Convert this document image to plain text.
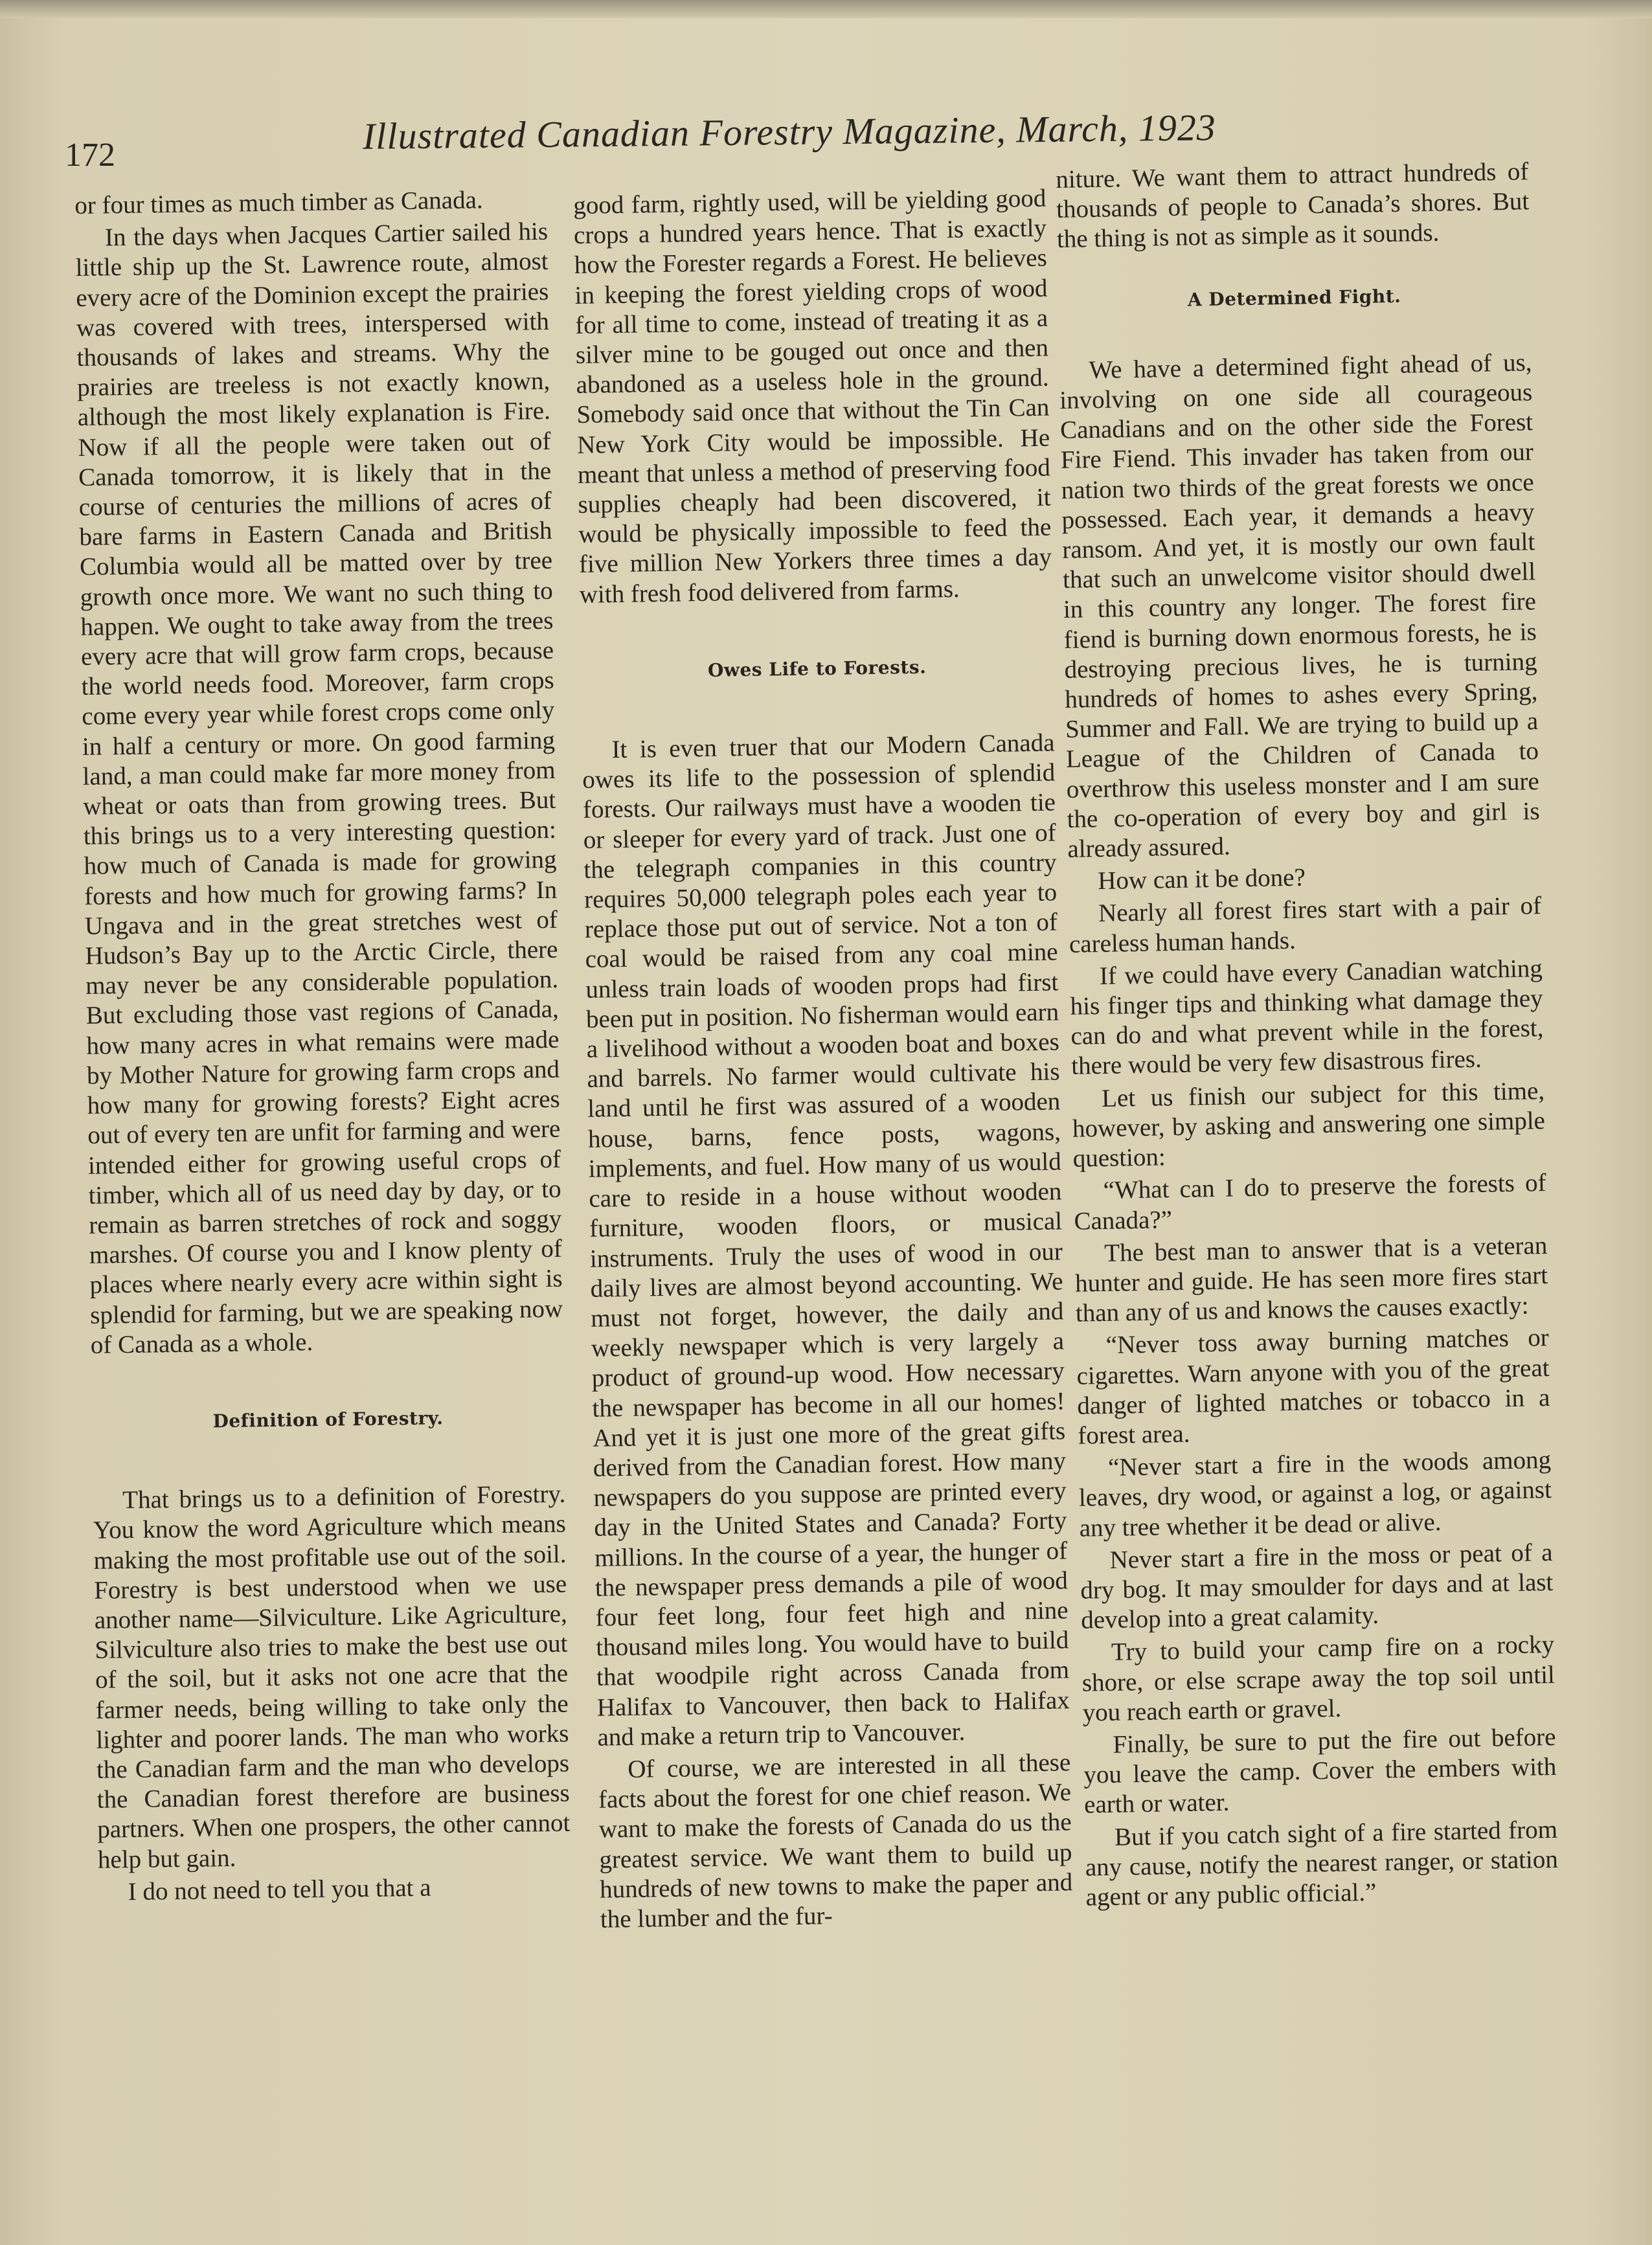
172	Illustrated Canadian Forestry Magazine, March, 1923

or four times as much timber as Canada.

In the days when Jacques Cartier sailed his little ship up the St. Lawrence route, almost every acre of the Dominion except the prairies was covered with trees, interspersed with thousands of lakes and streams. Why the prairies are treeless is not exactly known, although the most likely explanation is Fire. Now if all the people were taken out of Canada tomorrow, it is likely that in the course of centuries the millions of acres of bare farms in Eastern Canada and British Columbia would all be matted over by tree growth once more. We want no such thing to happen. We ought to take away from the trees every acre that will grow farm crops, because the world needs food. Moreover, farm crops come every year while forest crops come only in half a century or more. On good farming land, a man could make far more money from wheat or oats than from growing trees. But this brings us to a very interesting question: how much of Canada is made for growing forests and how much for growing farms? In Ungava and in the great stretches west of Hudson’s Bay up to the Arctic Circle, there may never be any considerable population. But excluding those vast regions of Canada, how many acres in what remains were made by Mother Nature for growing farm crops and how many for growing forests? Eight acres out of every ten are unfit for farming and were intended either for growing useful crops of timber, which all of us need day by day, or to remain as barren stretches of rock and soggy marshes. Of course you and I know plenty of places where nearly every acre within sight is splendid for farming, but we are speaking now of Canada as a whole.

Definition of Forestry.

That brings us to a definition of Forestry. You know the word Agriculture which means making the most profitable use out of the soil. Forestry is best understood when we use another name—Silviculture. Like Agriculture, Silviculture also tries to make the best use out of the soil, but it asks not one acre that the farmer needs, being willing to take only the lighter and poorer lands. The man who works the Canadian farm and the man who develops the Canadian forest therefore are business partners. When one prospers, the other cannot help but gain.

I do not need to tell you that a

good farm, rightly used, will be yielding good crops a hundred years hence. That is exactly how the Forester regards a Forest. He believes in keeping the forest yielding crops of wood for all time to come, instead of treating it as a silver mine to be gouged out once and then abandoned as a useless hole in the ground. Somebody said once that without the Tin Can New York City would be impossible. He meant that unless a method of preserving food supplies cheaply had been discovered, it would be physically impossible to feed the five million New Yorkers three times a day with fresh food delivered from farms.

Owes Life to Forests.

It is even truer that our Modern Canada owes its life to the possession of splendid forests. Our railways must have a wooden tie or sleeper for every yard of track. Just one of the telegraph companies in this country requires 50,000 telegraph poles each year to replace those put out of service. Not a ton of coal would be raised from any coal mine unless train loads of wooden props had first been put in position. No fisherman would earn a livelihood without a wooden boat and boxes and barrels. No farmer would cultivate his land until he first was assured of a wooden house, barns, fence posts, wagons, implements, and fuel. How many of us would care to reside in a house without wooden furniture, wooden floors, or musical instruments. Truly the uses of wood in our daily lives are almost beyond accounting. We must not forget, however, the daily and weekly newspaper which is very largely a product of ground-up wood. How necessary the newspaper has become in all our homes! And yet it is just one more of the great gifts derived from the Canadian forest. How many newspapers do you suppose are printed every day in the United States and Canada? Forty millions. In the course of a year, the hunger of the newspaper press demands a pile of wood four feet long, four feet high and nine thousand miles long. You would have to build that woodpile right across Canada from Halifax to Vancouver, then back to Halifax and make a return trip to Vancouver.

Of course, we are interested in all these facts about the forest for one chief reason. We want to make the forests of Canada do us the greatest service. We want them to build up hundreds of new towns to make the paper and the lumber and the fur-

niture. We want them to attract hundreds of thousands of people to Canada’s shores. But the thing is not as simple as it sounds.

A Determined Fight.

We have a determined fight ahead of us, involving on one side all courageous Canadians and on the other side the Forest Fire Fiend. This invader has taken from our nation two thirds of the great forests we once possessed. Each year, it demands a heavy ransom. And yet, it is mostly our own fault that such an unwelcome visitor should dwell in this country any longer. The forest fire fiend is burning down enormous forests, he is destroying precious lives, he is turning hundreds of homes to ashes every Spring, Summer and Fall. We are trying to build up a League of the Children of Canada to overthrow this useless monster and I am sure the co-operation of every boy and girl is already assured.

How can it be done?

Nearly all forest fires start with a pair of careless human hands.

If we could have every Canadian watching his finger tips and thinking what damage they can do and what prevent while in the forest, there would be very few disastrous fires.

Let us finish our subject for this time, however, by asking and answering one simple question:

“What can I do to preserve the forests of Canada?”

The best man to answer that is a veteran hunter and guide. He has seen more fires start than any of us and knows the causes exactly:

“Never toss away burning matches or cigarettes. Warn anyone with you of the great danger of lighted matches or tobacco in a forest area.

“Never start a fire in the woods among leaves, dry wood, or against a log, or against any tree whether it be dead or alive.

Never start a fire in the moss or peat of a dry bog. It may smoulder for days and at last develop into a great calamity.

Try to build your camp fire on a rocky shore, or else scrape away the top soil until you reach earth or gravel.

Finally, be sure to put the fire out before you leave the camp. Cover the embers with earth or water.

But if you catch sight of a fire started from any cause, notify the nearest ranger, or station agent or any public official.”
